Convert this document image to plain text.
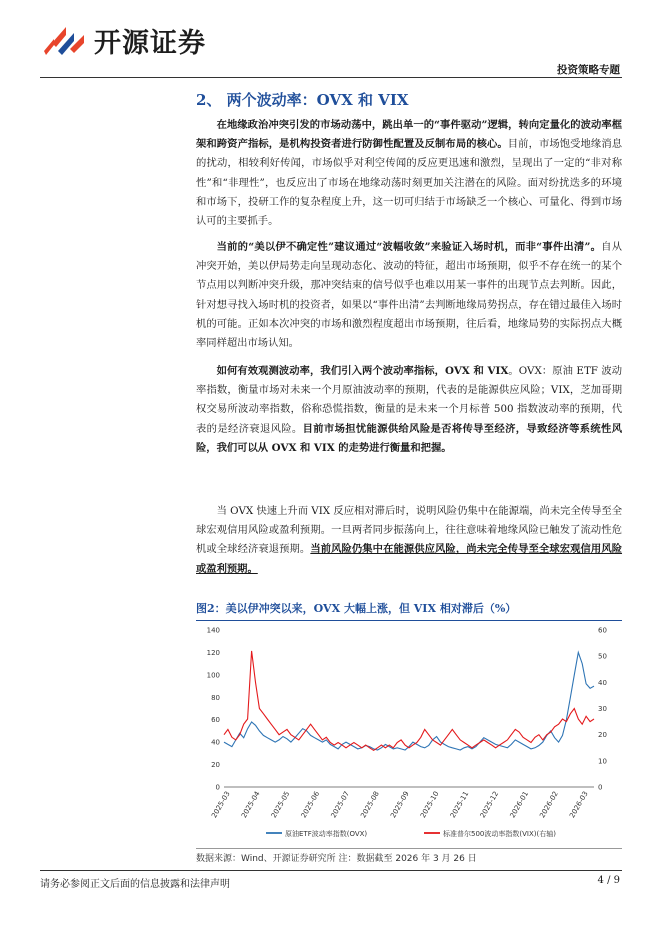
开源证券
投资策略专题
2、 两个波动率：OVX 和 VIX

在地缘政治冲突引发的市场动荡中，跳出单一的“事件驱动”逻辑，转向定量化的波动率框架和跨资产指标，是机构投资者进行防御性配置及反制布局的核心。目前，市场饱受地缘消息的扰动，相较利好传闻，市场似乎对利空传闻的反应更迅速和激烈，呈现出了一定的“非对称性”和“非理性”，也反应出了市场在地缘动荡时刻更加关注潜在的风险。面对纷扰迭多的环境和市场下，投研工作的复杂程度上升，这一切可归结于市场缺乏一个核心、可量化、得到市场认可的主要抓手。

当前的“美以伊不确定性”建议通过“波幅收敛”来验证入场时机，而非“事件出清”。自从冲突开始，美以伊局势走向呈现动态化、波动的特征，超出市场预期，似乎不存在统一的某个节点用以判断冲突升级，那冲突结束的信号似乎也难以用某一事件的出现节点去判断。因此，针对想寻找入场时机的投资者，如果以“事件出清”去判断地缘局势拐点，存在错过最佳入场时机的可能。正如本次冲突的市场和激烈程度超出市场预期，往后看，地缘局势的实际拐点大概率同样超出市场认知。

如何有效观测波动率，我们引入两个波动率指标，OVX 和 VIX。OVX：原油 ETF 波动率指数，衡量市场对未来一个月原油波动率的预期，代表的是能源供应风险；VIX，芝加哥期权交易所波动率指数，俗称恐慌指数，衡量的是未来一个月标普 500 指数波动率的预期，代表的是经济衰退风险。目前市场担忧能源供给风险是否将传导至经济，导致经济等系统性风险，我们可以从 OVX 和 VIX 的走势进行衡量和把握。

当 OVX 快速上升而 VIX 反应相对滞后时，说明风险仍集中在能源端，尚未完全传导至全球宏观信用风险或盈利预期。一旦两者同步振荡向上，往往意味着地缘风险已触发了流动性危机或全球经济衰退预期。当前风险仍集中在能源供应风险，尚未完全传导至全球宏观信用风险或盈利预期。

图2：美以伊冲突以来，OVX 大幅上涨，但 VIX 相对滞后（%）
0
20
40
60
80
100
120
140
0
10
20
30
40
50
60
2025-03 2025-04 2025-05 2025-06 2025-07 2025-08 2025-09 2025-10 2025-11 2025-12 2026-01 2026-02 2026-03
原油ETF波动率指数(OVX)	标准普尔500波动率指数(VIX)(右轴)
数据来源：Wind、开源证券研究所 注：数据截至 2026 年 3 月 26 日
请务必参阅正文后面的信息披露和法律声明	4 / 9
